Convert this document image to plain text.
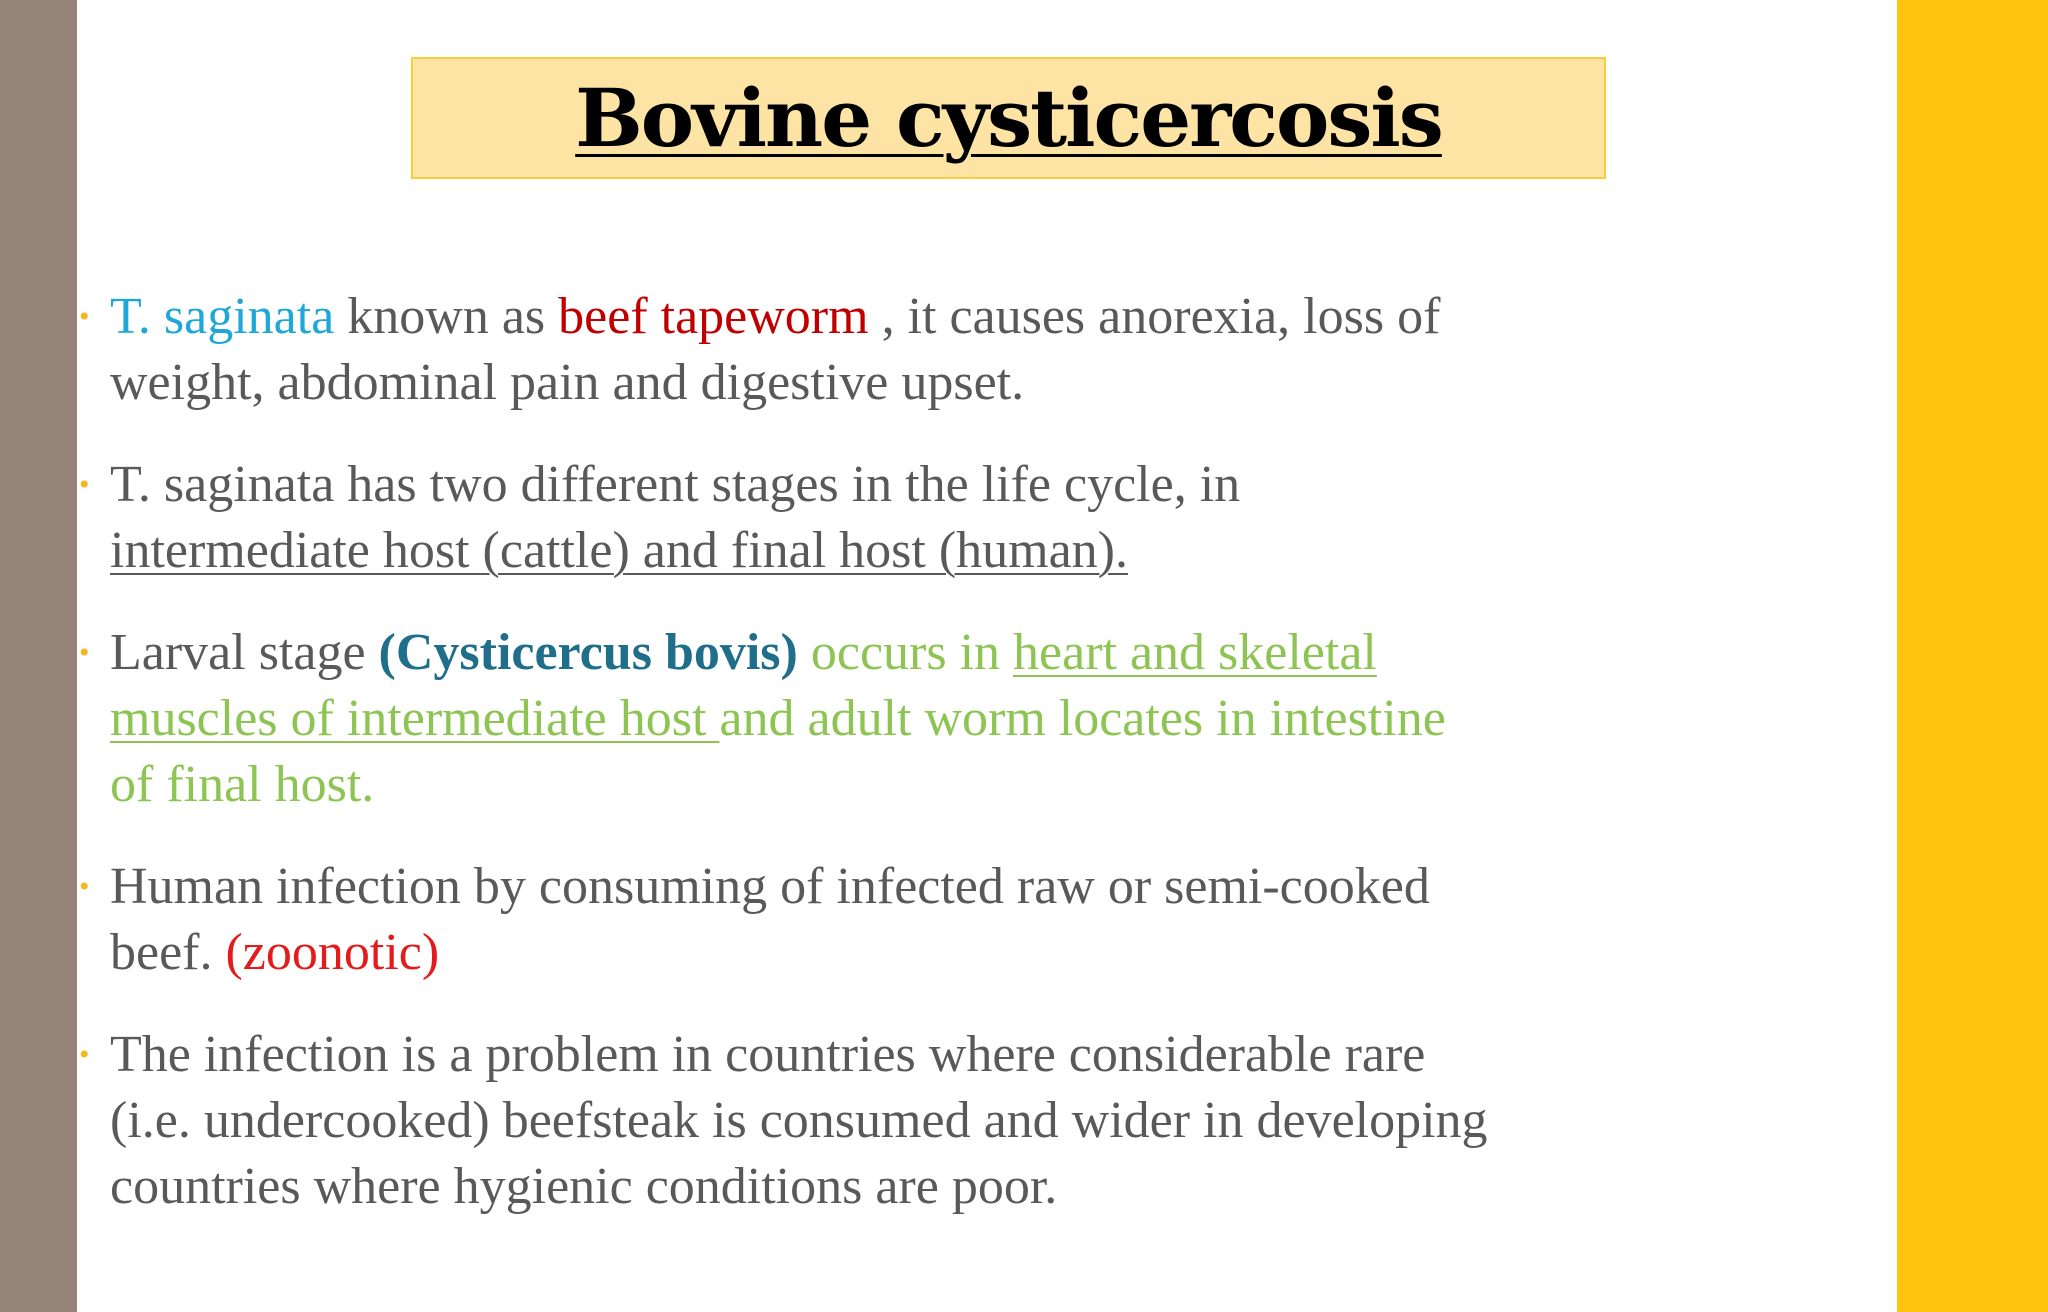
Bovine cysticercosis
• T. saginata known as beef tapeworm , it causes anorexia, loss of
weight, abdominal pain and digestive upset.
• T. saginata has two different stages in the life cycle, in
intermediate host (cattle) and final host (human).
• Larval stage (Cysticercus bovis) occurs in heart and skeletal
muscles of intermediate host and adult worm locates in intestine
of final host.
• Human infection by consuming of infected raw or semi-cooked
beef. (zoonotic)
• The infection is a problem in countries where considerable rare
(i.e. undercooked) beefsteak is consumed and wider in developing
countries where hygienic conditions are poor.
